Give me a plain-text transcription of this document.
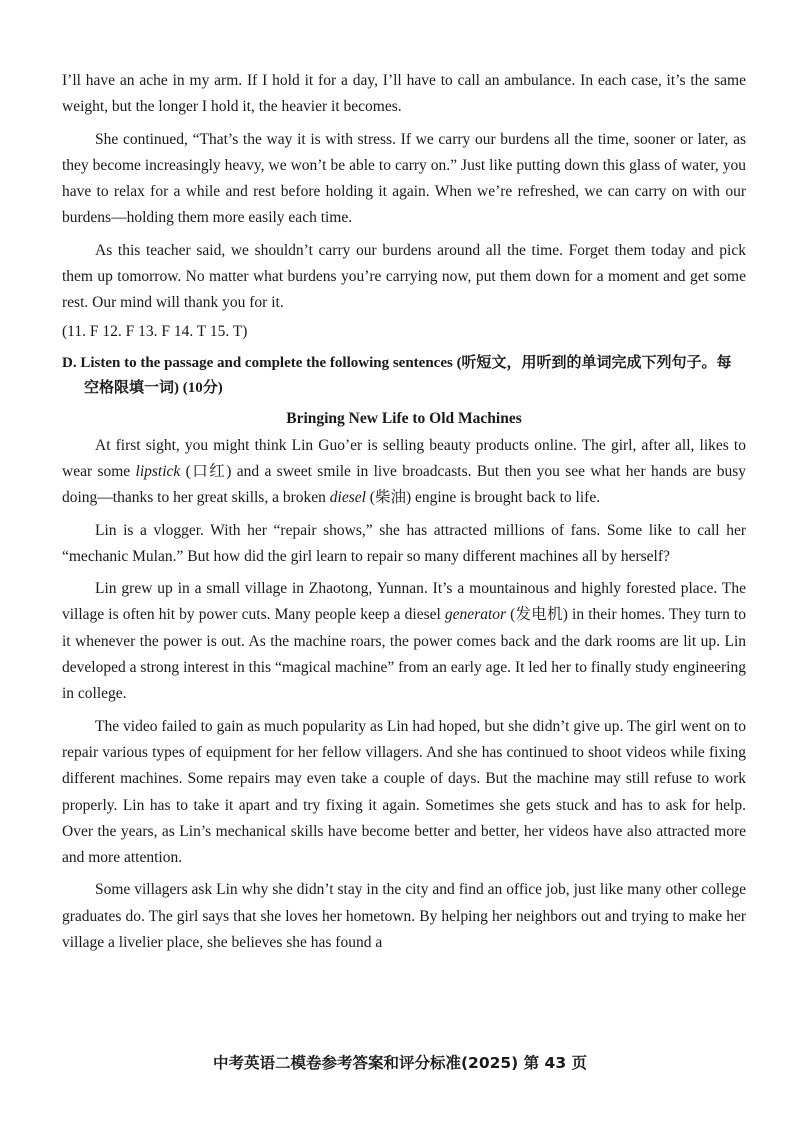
I’ll have an ache in my arm. If I hold it for a day, I’ll have to call an ambulance. In each case, it’s the same weight, but the longer I hold it, the heavier it becomes.

She continued, “That’s the way it is with stress. If we carry our burdens all the time, sooner or later, as they become increasingly heavy, we won’t be able to carry on.” Just like putting down this glass of water, you have to relax for a while and rest before holding it again. When we’re refreshed, we can carry on with our burdens—holding them more easily each time.

As this teacher said, we shouldn’t carry our burdens around all the time. Forget them today and pick them up tomorrow. No matter what burdens you’re carrying now, put them down for a moment and get some rest. Our mind will thank you for it.

(11. F 12. F 13. F 14. T 15. T)

D. Listen to the passage and complete the following sentences (听短文，用听到的单词完成下列句子。每空格限填一词) (10分)

Bringing New Life to Old Machines

At first sight, you might think Lin Guo’er is selling beauty products online. The girl, after all, likes to wear some lipstick (口红) and a sweet smile in live broadcasts. But then you see what her hands are busy doing—thanks to her great skills, a broken diesel (柴油) engine is brought back to life.

Lin is a vlogger. With her “repair shows,” she has attracted millions of fans. Some like to call her “mechanic Mulan.” But how did the girl learn to repair so many different machines all by herself?

Lin grew up in a small village in Zhaotong, Yunnan. It’s a mountainous and highly forested place. The village is often hit by power cuts. Many people keep a diesel generator (发电机) in their homes. They turn to it whenever the power is out. As the machine roars, the power comes back and the dark rooms are lit up. Lin developed a strong interest in this “magical machine” from an early age. It led her to finally study engineering in college.

The video failed to gain as much popularity as Lin had hoped, but she didn’t give up. The girl went on to repair various types of equipment for her fellow villagers. And she has continued to shoot videos while fixing different machines. Some repairs may even take a couple of days. But the machine may still refuse to work properly. Lin has to take it apart and try fixing it again. Sometimes she gets stuck and has to ask for help. Over the years, as Lin’s mechanical skills have become better and better, her videos have also attracted more and more attention.

Some villagers ask Lin why she didn’t stay in the city and find an office job, just like many other college graduates do. The girl says that she loves her hometown. By helping her neighbors out and trying to make her village a livelier place, she believes she has found a

中考英语二模卷参考答案和评分标准(2025) 第 43 页
